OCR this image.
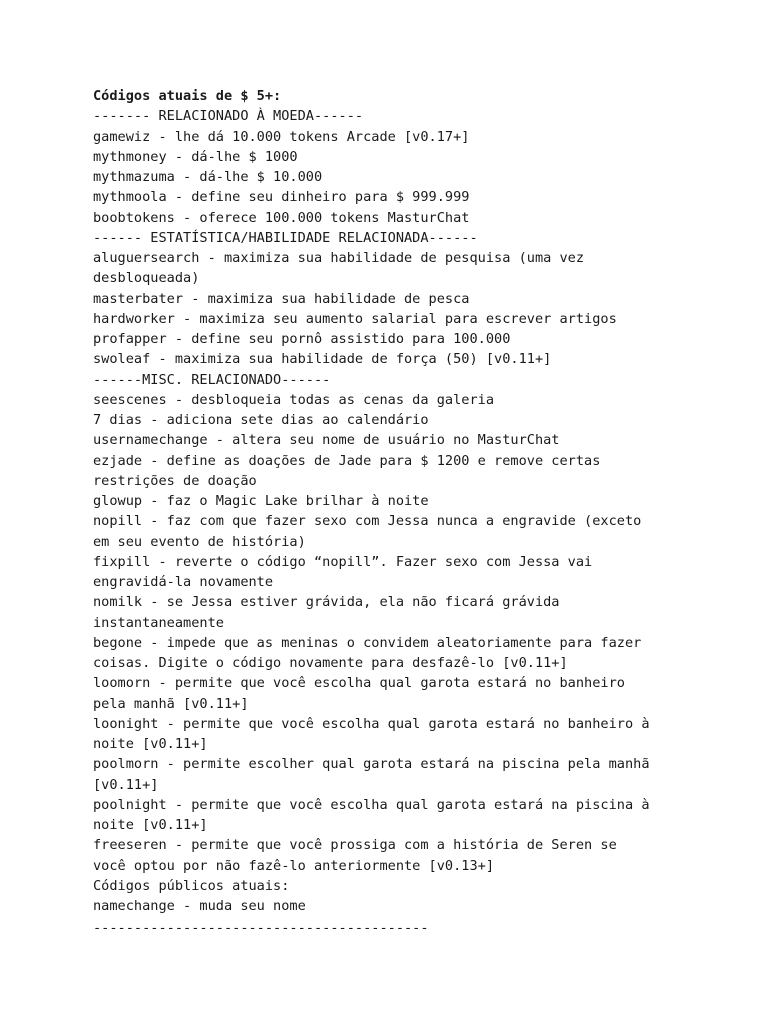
Códigos atuais de $ 5+:
------- RELACIONADO À MOEDA------
gamewiz - lhe dá 10.000 tokens Arcade [v0.17+]
mythmoney - dá-lhe $ 1000
mythmazuma - dá-lhe $ 10.000
mythmoola - define seu dinheiro para $ 999.999
boobtokens - oferece 100.000 tokens MasturChat
------ ESTATÍSTICA/HABILIDADE RELACIONADA------
aluguersearch - maximiza sua habilidade de pesquisa (uma vez
desbloqueada)
masterbater - maximiza sua habilidade de pesca
hardworker - maximiza seu aumento salarial para escrever artigos
profapper - define seu pornô assistido para 100.000
swoleaf - maximiza sua habilidade de força (50) [v0.11+]
------MISC. RELACIONADO------
seescenes - desbloqueia todas as cenas da galeria
7 dias - adiciona sete dias ao calendário
usernamechange - altera seu nome de usuário no MasturChat
ezjade - define as doações de Jade para $ 1200 e remove certas
restrições de doação
glowup - faz o Magic Lake brilhar à noite
nopill - faz com que fazer sexo com Jessa nunca a engravide (exceto
em seu evento de história)
fixpill - reverte o código “nopill”. Fazer sexo com Jessa vai
engravidá-la novamente
nomilk - se Jessa estiver grávida, ela não ficará grávida
instantaneamente
begone - impede que as meninas o convidem aleatoriamente para fazer
coisas. Digite o código novamente para desfazê-lo [v0.11+]
loomorn - permite que você escolha qual garota estará no banheiro
pela manhã [v0.11+]
loonight - permite que você escolha qual garota estará no banheiro à
noite [v0.11+]
poolmorn - permite escolher qual garota estará na piscina pela manhã
[v0.11+]
poolnight - permite que você escolha qual garota estará na piscina à
noite [v0.11+]
freeseren - permite que você prossiga com a história de Seren se
você optou por não fazê-lo anteriormente [v0.13+]
Códigos públicos atuais:
namechange - muda seu nome
-----------------------------------------
